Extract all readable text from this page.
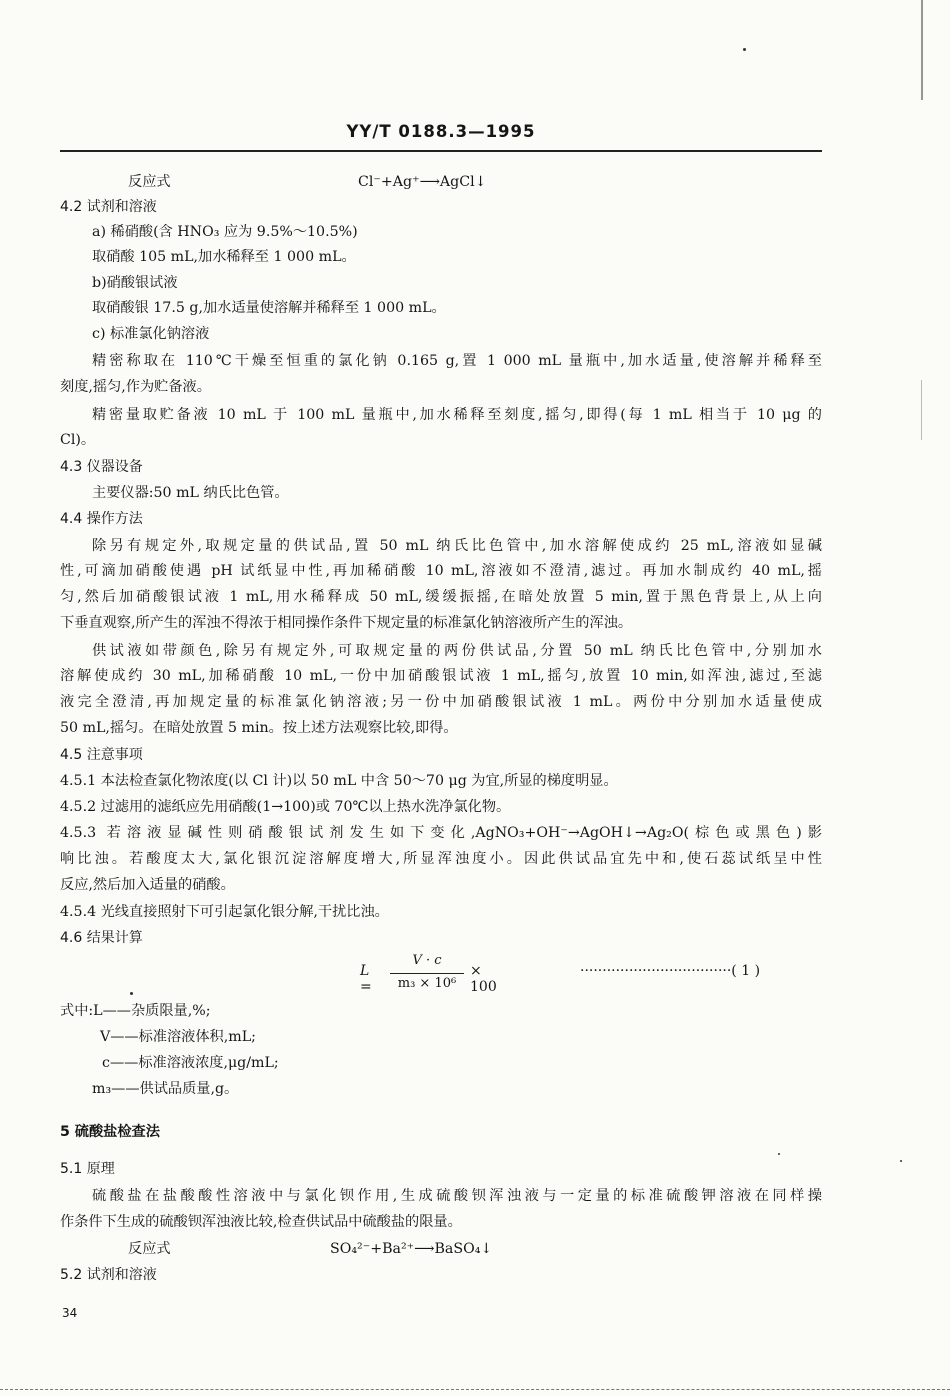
YY/T 0188.3—1995
反应式	Cl⁻+Ag⁺⟶AgCl↓
4.2 试剂和溶液
a) 稀硝酸(含 HNO₃ 应为 9.5%～10.5%)
取硝酸 105 mL,加水稀释至 1 000 mL。
b)硝酸银试液
取硝酸银 17.5 g,加水适量使溶解并稀释至 1 000 mL。
c) 标准氯化钠溶液
精密称取在 110℃干燥至恒重的氯化钠 0.165 g,置 1 000 mL 量瓶中,加水适量,使溶解并稀释至
刻度,摇匀,作为贮备液。
精密量取贮备液 10 mL 于 100 mL 量瓶中,加水稀释至刻度,摇匀,即得(每 1 mL 相当于 10 μg 的
Cl)。
4.3 仪器设备
主要仪器:50 mL 纳氏比色管。
4.4 操作方法
除另有规定外,取规定量的供试品,置 50 mL 纳氏比色管中,加水溶解使成约 25 mL,溶液如显碱
性,可滴加硝酸使遇 pH 试纸显中性,再加稀硝酸 10 mL,溶液如不澄清,滤过。再加水制成约 40 mL,摇
匀,然后加硝酸银试液 1 mL,用水稀释成 50 mL,缓缓振摇,在暗处放置 5 min,置于黑色背景上,从上向
下垂直观察,所产生的浑浊不得浓于相同操作条件下规定量的标准氯化钠溶液所产生的浑浊。
供试液如带颜色,除另有规定外,可取规定量的两份供试品,分置 50 mL 纳氏比色管中,分别加水
溶解使成约 30 mL,加稀硝酸 10 mL,一份中加硝酸银试液 1 mL,摇匀,放置 10 min,如浑浊,滤过,至滤
液完全澄清,再加规定量的标准氯化钠溶液;另一份中加硝酸银试液 1 mL。两份中分别加水适量使成
50 mL,摇匀。在暗处放置 5 min。按上述方法观察比较,即得。
4.5 注意事项
4.5.1 本法检查氯化物浓度(以 Cl 计)以 50 mL 中含 50～70 μg 为宜,所显的梯度明显。
4.5.2 过滤用的滤纸应先用硝酸(1→100)或 70℃以上热水洗净氯化物。
4.5.3 若溶液显碱性则硝酸银试剂发生如下变化,AgNO₃+OH⁻→AgOH↓→Ag₂O(棕色或黑色)影
响比浊。若酸度太大,氯化银沉淀溶解度增大,所显浑浊度小。因此供试品宜先中和,使石蕊试纸呈中性
反应,然后加入适量的硝酸。
4.5.4 光线直接照射下可引起氯化银分解,干扰比浊。
4.6 结果计算
L =
V · c
m₃ × 10⁶
× 100
··································( 1 )
式中:L——杂质限量,%;
V——标准溶液体积,mL;
c——标准溶液浓度,μg/mL;
m₃——供试品质量,g。
5 硫酸盐检查法
5.1 原理
硫酸盐在盐酸酸性溶液中与氯化钡作用,生成硫酸钡浑浊液与一定量的标准硫酸钾溶液在同样操
作条件下生成的硫酸钡浑浊液比较,检查供试品中硫酸盐的限量。
反应式	SO₄²⁻+Ba²⁺⟶BaSO₄↓
5.2 试剂和溶液
34
